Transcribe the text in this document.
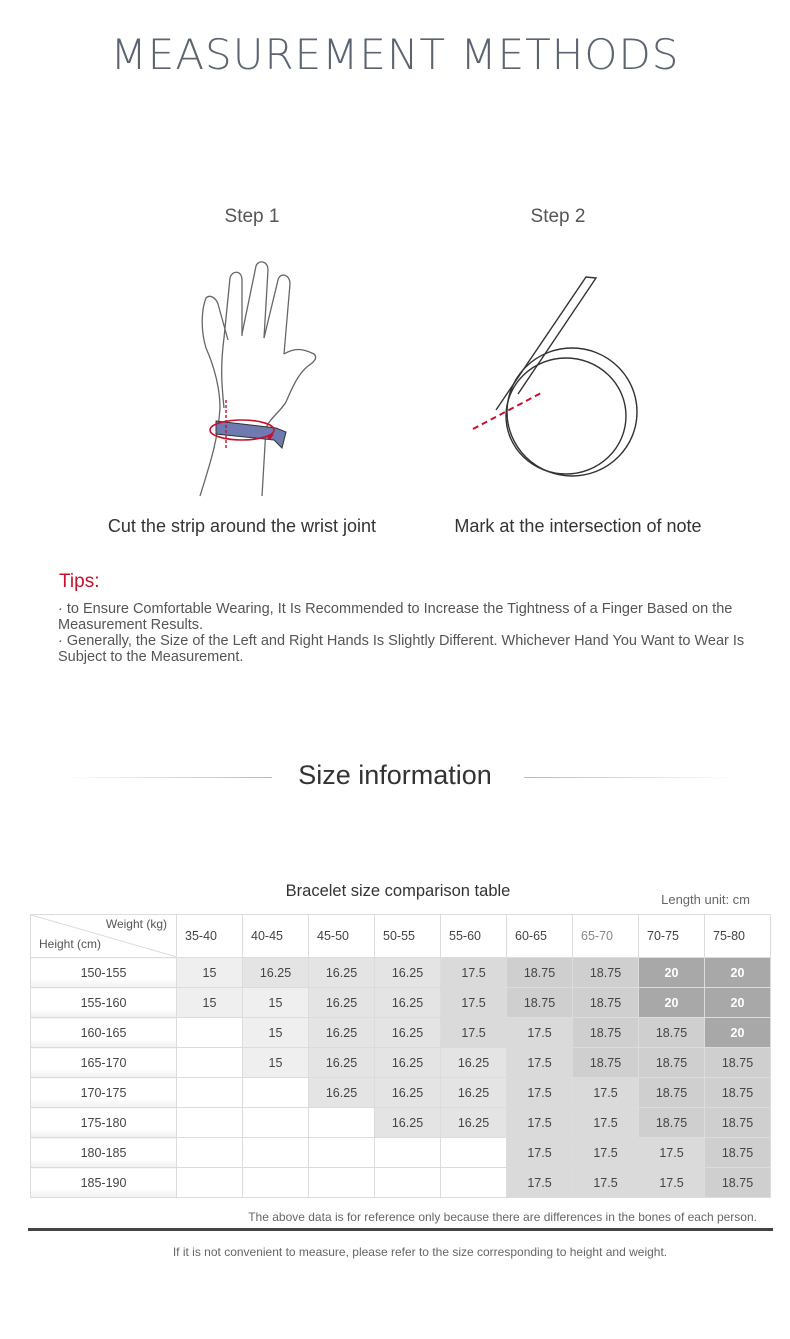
MEASUREMENT METHODS
Step 1
Cut the strip around the wrist joint
Step 2
Mark at the intersection of note
Tips:
· to Ensure Comfortable Wearing, It Is Recommended to Increase the Tightness of a Finger Based on the Measurement Results.
· Generally, the Size of the Left and Right Hands Is Slightly Different. Whichever Hand You Want to Wear Is Subject to the Measurement.
Size information
Bracelet size comparison table	Length unit: cm
Weight (kg)
Height (cm)	35-40	40-45	45-50	50-55	55-60	60-65	65-70	70-75	75-80
150-155	15	16.25	16.25	16.25	17.5	18.75	18.75	20	20
155-160	15	15	16.25	16.25	17.5	18.75	18.75	20	20
160-165		15	16.25	16.25	17.5	17.5	18.75	18.75	20
165-170		15	16.25	16.25	16.25	17.5	18.75	18.75	18.75
170-175			16.25	16.25	16.25	17.5	17.5	18.75	18.75
175-180				16.25	16.25	17.5	17.5	18.75	18.75
180-185						17.5	17.5	17.5	18.75
185-190						17.5	17.5	17.5	18.75
The above data is for reference only because there are differences in the bones of each person.
If it is not convenient to measure, please refer to the size corresponding to height and weight.
